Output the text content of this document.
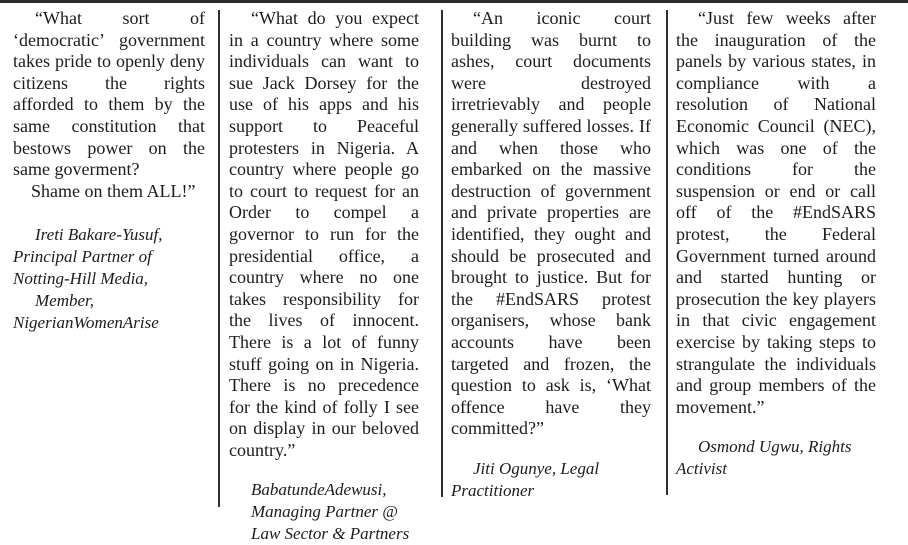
“What sort of ‘democratic’ government takes pride to openly deny citizens the rights afforded to them by the same constitution that bestows power on the same goverment?

Shame on them ALL!”

Ireti Bakare-Yusuf, Principal Partner of Notting-Hill Media,

Member, NigerianWomenArise

“What do you expect in a country where some individuals can want to sue Jack Dorsey for the use of his apps and his support to Peaceful protesters in Nigeria. A country where people go to court to request for an Order to compel a governor to run for the presidential office, a country where no one takes responsibility for the lives of innocent. There is a lot of funny stuff going on in Nigeria. There is no precedence for the kind of folly I see on display in our beloved country.”

BabatundeAdewusi,

Managing Partner @

Law Sector & Partners

“An iconic court building was burnt to ashes, court documents were destroyed irretrievably and people generally suffered losses. If and when those who embarked on the massive destruction of government and private properties are identified, they ought and should be prosecuted and brought to justice. But for the #EndSARS protest organisers, whose bank accounts have been targeted and frozen, the question to ask is, ‘What offence have they committed?”

Jiti Ogunye, Legal Practitioner

“Just few weeks after the inauguration of the panels by various states, in compliance with a resolution of National Economic Council (NEC), which was one of the conditions for the suspension or end or call off of the #EndSARS protest, the Federal Government turned around and started hunting or prosecution the key players in that civic engagement exercise by taking steps to strangulate the individuals and group members of the movement.”

Osmond Ugwu, Rights Activist
